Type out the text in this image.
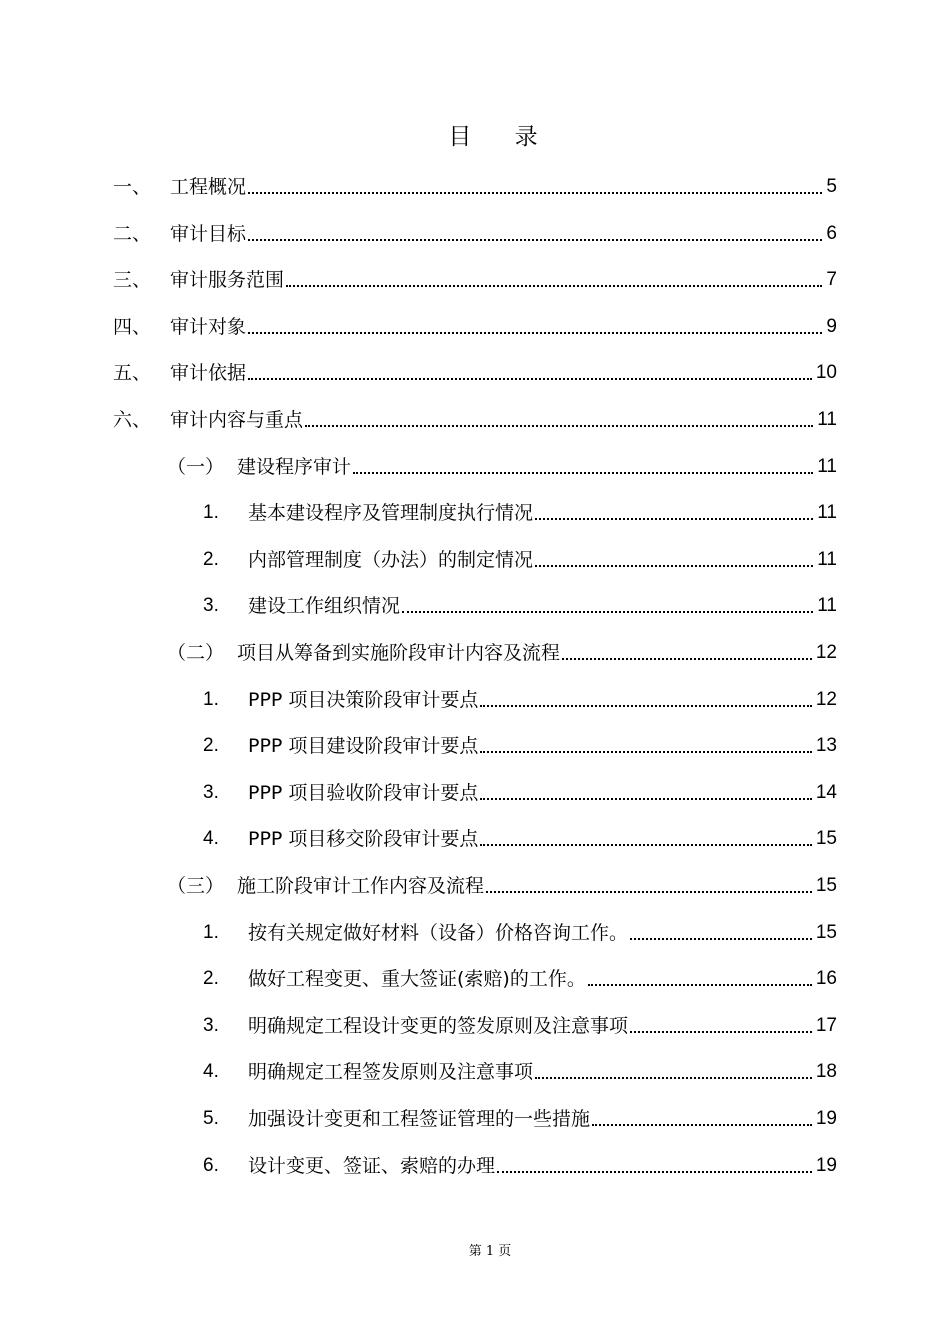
目 录
一、 工程概况	5
二、 审计目标	6
三、 审计服务范围	7
四、 审计对象	9
五、 审计依据	10
六、 审计内容与重点	11
（一） 建设程序审计	11
1.	基本建设程序及管理制度执行情况	11
2.	内部管理制度（办法）的制定情况	11
3.	建设工作组织情况	11
（二） 项目从筹备到实施阶段审计内容及流程	12
1.	PPP 项目决策阶段审计要点	12
2.	PPP 项目建设阶段审计要点	13
3.	PPP 项目验收阶段审计要点	14
4.	PPP 项目移交阶段审计要点	15
（三） 施工阶段审计工作内容及流程	15
1.	按有关规定做好材料（设备）价格咨询工作。	15
2.	做好工程变更、重大签证(索赔)的工作。	16
3.	明确规定工程设计变更的签发原则及注意事项	17
4.	明确规定工程签发原则及注意事项	18
5.	加强设计变更和工程签证管理的一些措施	19
6.	设计变更、签证、索赔的办理	19
第 1 页
